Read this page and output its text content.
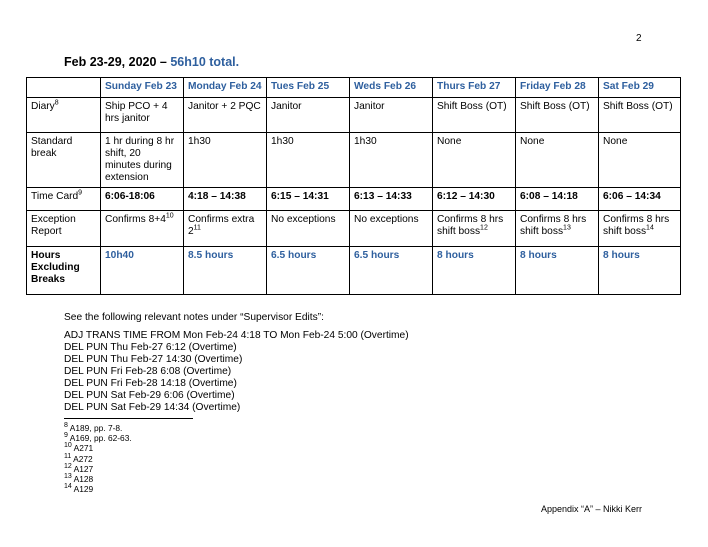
2
Feb 23-29, 2020 – 56h10 total.
	Sunday Feb 23	Monday Feb 24	Tues Feb 25	Weds Feb 26	Thurs Feb 27	Friday Feb 28	Sat Feb 29
Diary$^8$	Ship PCO + 4 hrs janitor	Janitor + 2 PQC	Janitor	Janitor	Shift Boss (OT)	Shift Boss (OT)	Shift Boss (OT)
Standard break	1 hr during 8 hr shift, 20 minutes during extension	1h30	1h30	1h30	None	None	None
Time Card$^9$	6:06-18:06	4:18 – 14:38	6:15 – 14:31	6:13 – 14:33	6:12 – 14:30	6:08 – 14:18	6:06 – 14:34
Exception Report	Confirms $8+4^{10}$	Confirms extra $2^{11}$	No exceptions	No exceptions	Confirms 8 hrs shift boss$^{12}$	Confirms 8 hrs shift boss$^{13}$	Confirms 8 hrs shift boss$^{14}$
Hours Excluding Breaks	10h40	8.5 hours	6.5 hours	6.5 hours	8 hours	8 hours	8 hours
See the following relevant notes under “Supervisor Edits”:
ADJ TRANS TIME FROM Mon Feb-24 4:18 TO Mon Feb-24 5:00 (Overtime)
DEL PUN Thu Feb-27 6:12 (Overtime)
DEL PUN Thu Feb-27 14:30 (Overtime)
DEL PUN Fri Feb-28 6:08 (Overtime)
DEL PUN Fri Feb-28 14:18 (Overtime)
DEL PUN Sat Feb-29 6:06 (Overtime)
DEL PUN Sat Feb-29 14:34 (Overtime)
$^8$ A189, pp. 7-8.
$^9$ A169, pp. 62-63.
$^{10}$ A271
$^{11}$ A272
$^{12}$ A127
$^{13}$ A128
$^{14}$ A129
Appendix “A” – Nikki Kerr
